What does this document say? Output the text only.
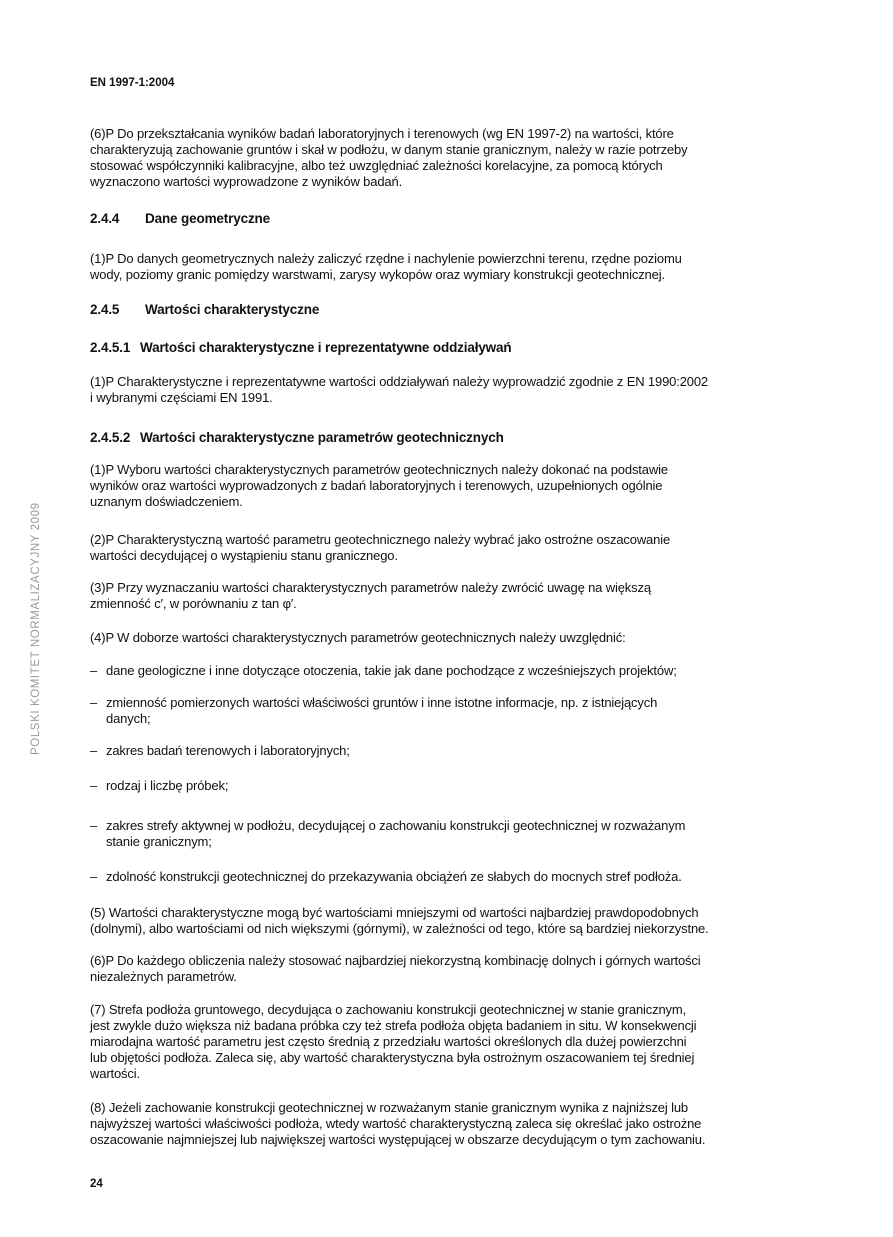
EN 1997-1:2004
(6)P Do przekształcania wyników badań laboratoryjnych i terenowych (wg EN 1997-2) na wartości, które
charakteryzują zachowanie gruntów i skał w podłożu, w danym stanie granicznym, należy w razie potrzeby
stosować współczynniki kalibracyjne, albo też uwzględniać zależności korelacyjne, za pomocą których
wyznaczono wartości wyprowadzone z wyników badań.
2.4.4 Dane geometryczne
(1)P Do danych geometrycznych należy zaliczyć rzędne i nachylenie powierzchni terenu, rzędne poziomu
wody, poziomy granic pomiędzy warstwami, zarysy wykopów oraz wymiary konstrukcji geotechnicznej.
2.4.5 Wartości charakterystyczne
2.4.5.1 Wartości charakterystyczne i reprezentatywne oddziaływań
(1)P Charakterystyczne i reprezentatywne wartości oddziaływań należy wyprowadzić zgodnie z EN 1990:2002
i wybranymi częściami EN 1991.
2.4.5.2 Wartości charakterystyczne parametrów geotechnicznych
(1)P Wyboru wartości charakterystycznych parametrów geotechnicznych należy dokonać na podstawie
wyników oraz wartości wyprowadzonych z badań laboratoryjnych i terenowych, uzupełnionych ogólnie
uznanym doświadczeniem.
(2)P Charakterystyczną wartość parametru geotechnicznego należy wybrać jako ostrożne oszacowanie
wartości decydującej o wystąpieniu stanu granicznego.
(3)P Przy wyznaczaniu wartości charakterystycznych parametrów należy zwrócić uwagę na większą
zmienność c′, w porównaniu z tan φ′.
(4)P W doborze wartości charakterystycznych parametrów geotechnicznych należy uwzględnić:
– dane geologiczne i inne dotyczące otoczenia, takie jak dane pochodzące z wcześniejszych projektów;
– zmienność pomierzonych wartości właściwości gruntów i inne istotne informacje, np. z istniejących
danych;
– zakres badań terenowych i laboratoryjnych;
– rodzaj i liczbę próbek;
– zakres strefy aktywnej w podłożu, decydującej o zachowaniu konstrukcji geotechnicznej w rozważanym
stanie granicznym;
– zdolność konstrukcji geotechnicznej do przekazywania obciążeń ze słabych do mocnych stref podłoża.
(5) Wartości charakterystyczne mogą być wartościami mniejszymi od wartości najbardziej prawdopodobnych
(dolnymi), albo wartościami od nich większymi (górnymi), w zależności od tego, które są bardziej niekorzystne.
(6)P Do każdego obliczenia należy stosować najbardziej niekorzystną kombinację dolnych i górnych wartości
niezależnych parametrów.
(7) Strefa podłoża gruntowego, decydująca o zachowaniu konstrukcji geotechnicznej w stanie granicznym,
jest zwykle dużo większa niż badana próbka czy też strefa podłoża objęta badaniem in situ. W konsekwencji
miarodajna wartość parametru jest często średnią z przedziału wartości określonych dla dużej powierzchni
lub objętości podłoża. Zaleca się, aby wartość charakterystyczna była ostrożnym oszacowaniem tej średniej
wartości.
(8) Jeżeli zachowanie konstrukcji geotechnicznej w rozważanym stanie granicznym wynika z najniższej lub
najwyższej wartości właściwości podłoża, wtedy wartość charakterystyczną zaleca się określać jako ostrożne
oszacowanie najmniejszej lub największej wartości występującej w obszarze decydującym o tym zachowaniu.
POLSKI KOMITET NORMALIZACYJNY 2009
24
